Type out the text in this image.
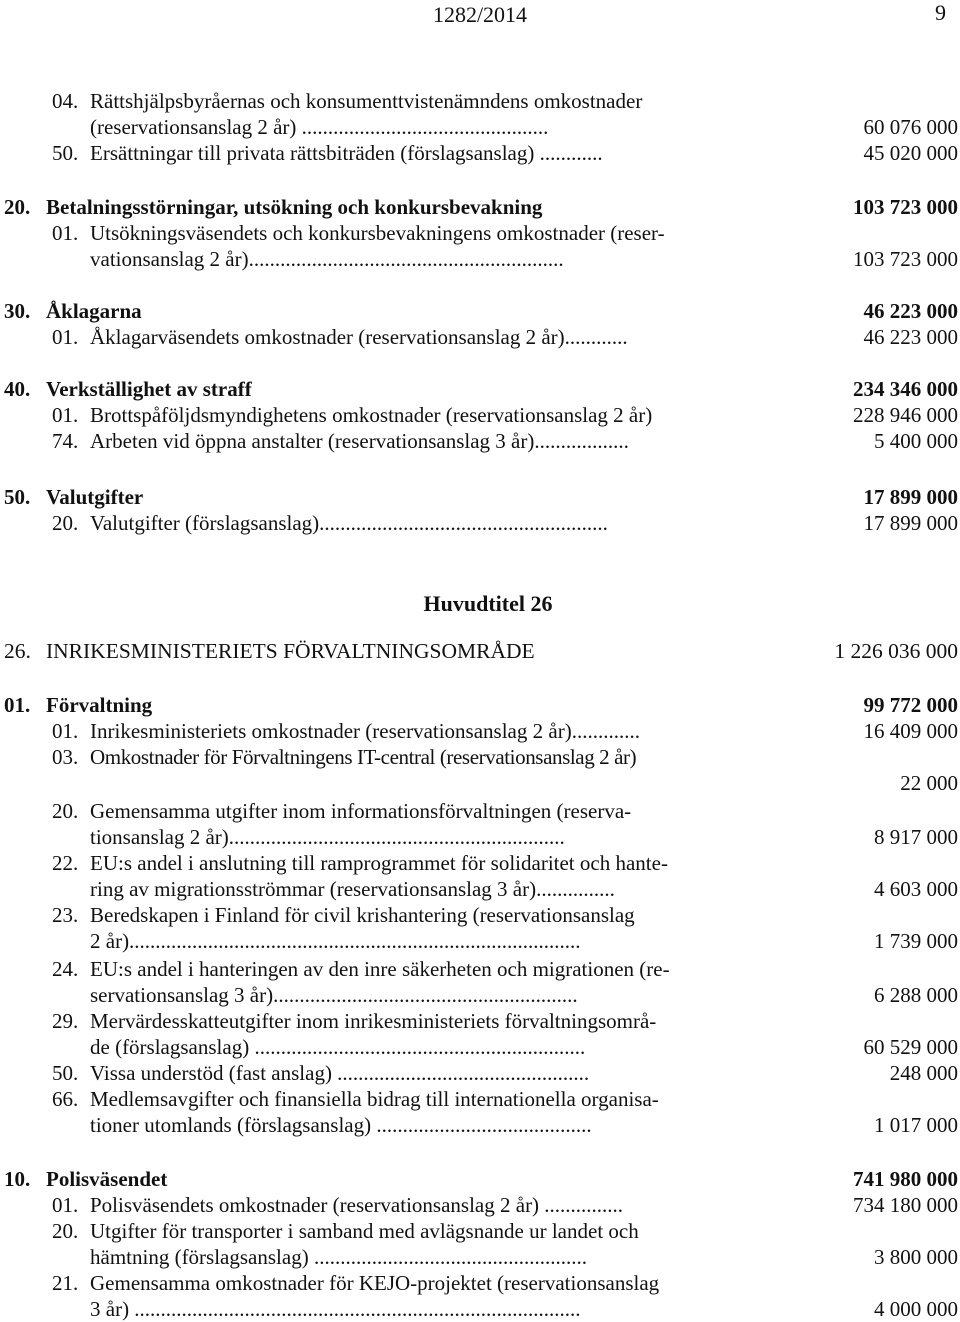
1282/2014	9
04. Rättshjälpsbyråernas och konsumenttvistenämndens omkostnader
(reservationsanslag 2 år) ...............................................	60 076 000
50. Ersättningar till privata rättsbiträden (förslagsanslag) ............	45 020 000
20. Betalningsstörningar, utsökning och konkursbevakning	103 723 000
01. Utsökningsväsendets och konkursbevakningens omkostnader (reser-
vationsanslag 2 år)............................................................	103 723 000
30. Åklagarna	46 223 000
01. Åklagarväsendets omkostnader (reservationsanslag 2 år)............	46 223 000
40. Verkställighet av straff	234 346 000
01. Brottspåföljdsmyndighetens omkostnader (reservationsanslag 2 år)	228 946 000
74. Arbeten vid öppna anstalter (reservationsanslag 3 år)..................	5 400 000
50. Valutgifter	17 899 000
20. Valutgifter (förslagsanslag).......................................................	17 899 000
Huvudtitel 26
26. INRIKESMINISTERIETS FÖRVALTNINGSOMRÅDE	1 226 036 000
01. Förvaltning	99 772 000
01. Inrikesministeriets omkostnader (reservationsanslag 2 år).............	16 409 000
03. Omkostnader för Förvaltningens IT-central (reservationsanslag 2 år)
22 000
20. Gemensamma utgifter inom informationsförvaltningen (reserva-
tionsanslag 2 år)................................................................	8 917 000
22. EU:s andel i anslutning till ramprogrammet för solidaritet och hante-
ring av migrationsströmmar (reservationsanslag 3 år)...............	4 603 000
23. Beredskapen i Finland för civil krishantering (reservationsanslag
2 år)......................................................................................	1 739 000
24. EU:s andel i hanteringen av den inre säkerheten och migrationen (re-
servationsanslag 3 år)..........................................................	6 288 000
29. Mervärdesskatteutgifter inom inrikesministeriets förvaltningsområ-
de (förslagsanslag) ...............................................................	60 529 000
50. Vissa understöd (fast anslag) ................................................	248 000
66. Medlemsavgifter och finansiella bidrag till internationella organisa-
tioner utomlands (förslagsanslag) .........................................	1 017 000
10. Polisväsendet	741 980 000
01. Polisväsendets omkostnader (reservationsanslag 2 år) ...............	734 180 000
20. Utgifter för transporter i samband med avlägsnande ur landet och
hämtning (förslagsanslag) ....................................................	3 800 000
21. Gemensamma omkostnader för KEJO-projektet (reservationsanslag
3 år) .....................................................................................	4 000 000
